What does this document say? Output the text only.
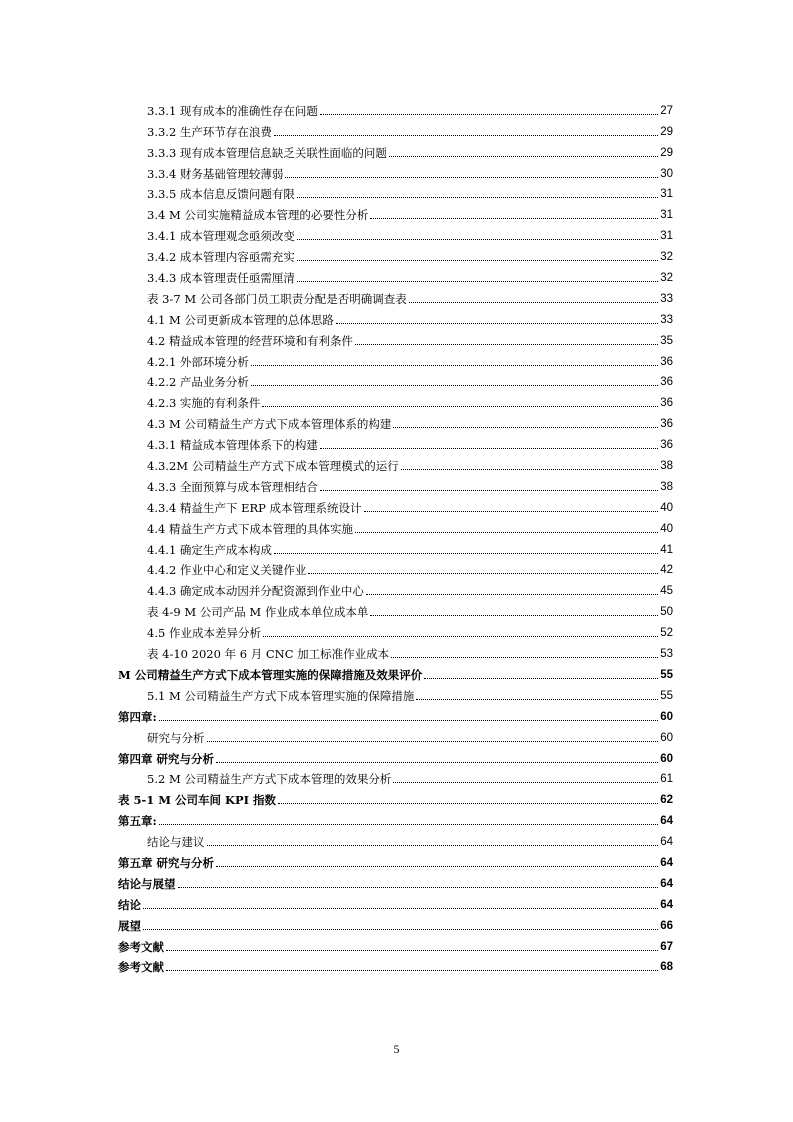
3.3.1 现有成本的准确性存在问题	27
3.3.2 生产环节存在浪费	29
3.3.3 现有成本管理信息缺乏关联性面临的问题	29
3.3.4 财务基础管理较薄弱	30
3.3.5 成本信息反馈问题有限	31
3.4 M 公司实施精益成本管理的必要性分析	31
3.4.1 成本管理观念亟须改变	31
3.4.2 成本管理内容亟需充实	32
3.4.3 成本管理责任亟需厘清	32
表 3-7 M 公司各部门员工职责分配是否明确调查表	33
4.1 M 公司更新成本管理的总体思路	33
4.2 精益成本管理的经营环境和有利条件	35
4.2.1 外部环境分析	36
4.2.2 产品业务分析	36
4.2.3 实施的有利条件	36
4.3 M 公司精益生产方式下成本管理体系的构建	36
4.3.1 精益成本管理体系下的构建	36
4.3.2M 公司精益生产方式下成本管理模式的运行	38
4.3.3 全面预算与成本管理相结合	38
4.3.4 精益生产下 ERP 成本管理系统设计	40
4.4 精益生产方式下成本管理的具体实施	40
4.4.1 确定生产成本构成	41
4.4.2 作业中心和定义关键作业	42
4.4.3 确定成本动因并分配资源到作业中心	45
表 4-9 M 公司产品 M 作业成本单位成本单	50
4.5 作业成本差异分析	52
表 4-10 2020 年 6 月 CNC 加工标准作业成本	53
M 公司精益生产方式下成本管理实施的保障措施及效果评价	55
5.1 M 公司精益生产方式下成本管理实施的保障措施	55
第四章:	60
研究与分析	60
第四章 研究与分析	60
5.2 M 公司精益生产方式下成本管理的效果分析	61
表 5-1 M 公司车间 KPI 指数	62
第五章:	64
结论与建议	64
第五章 研究与分析	64
结论与展望	64
结论	64
展望	66
参考文献	67
参考文献	68
5
